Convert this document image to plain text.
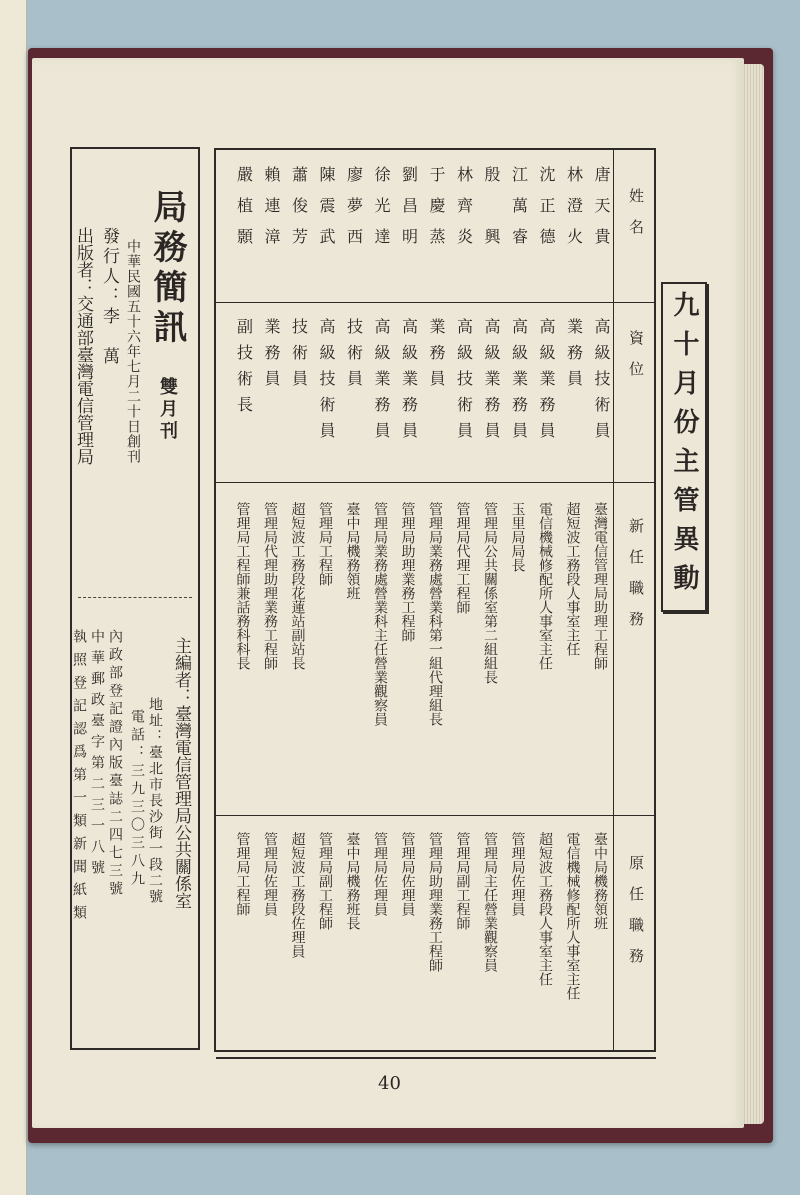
九十月份主管異動
姓名
資位
新任職務
原任職務
唐天貴
高級技術員
臺灣電信管理局助理工程師
臺中局機務領班
林澄火
業務員
超短波工務段人事室主任
電信機械修配所人事室主任
沈正德
高級業務員
電信機械修配所人事室主任
超短波工務段人事室主任
江萬睿
高級業務員
玉里局局長
管理局佐理員
殷　興
高級業務員
管理局公共關係室第二組組長
管理局主任營業觀察員
林齊炎
高級技術員
管理局代理工程師
管理局副工程師
于慶蒸
業務員
管理局業務處營業科第一組代理組長
管理局助理業務工程師
劉昌明
高級業務員
管理局助理業務工程師
管理局佐理員
徐光達
高級業務員
管理局業務處營業科主任營業觀察員
管理局佐理員
廖夢西
技術員
臺中局機務領班
臺中局機務班長
陳震武
高級技術員
管理局工程師
管理局副工程師
蕭俊芳
技術員
超短波工務段花蓮站副站長
超短波工務段佐理員
賴連漳
業務員
管理局代理助理業務工程師
管理局佐理員
嚴植顥
副技術長
管理局工程師兼話務科科長
管理局工程師
局務簡訊
雙月刊
中華民國五十六年七月二十日創刊
發行人：李　萬
出版者：交通部臺灣電信管理局
主編者：臺灣電信管理局公共關係室
地址：臺北市長沙街一段二號
電話：三九三〇三八九
內政部登記證內版臺誌二四七三號
中華郵政臺字第二三一八號
執照登記認爲第一類新聞紙類
40
